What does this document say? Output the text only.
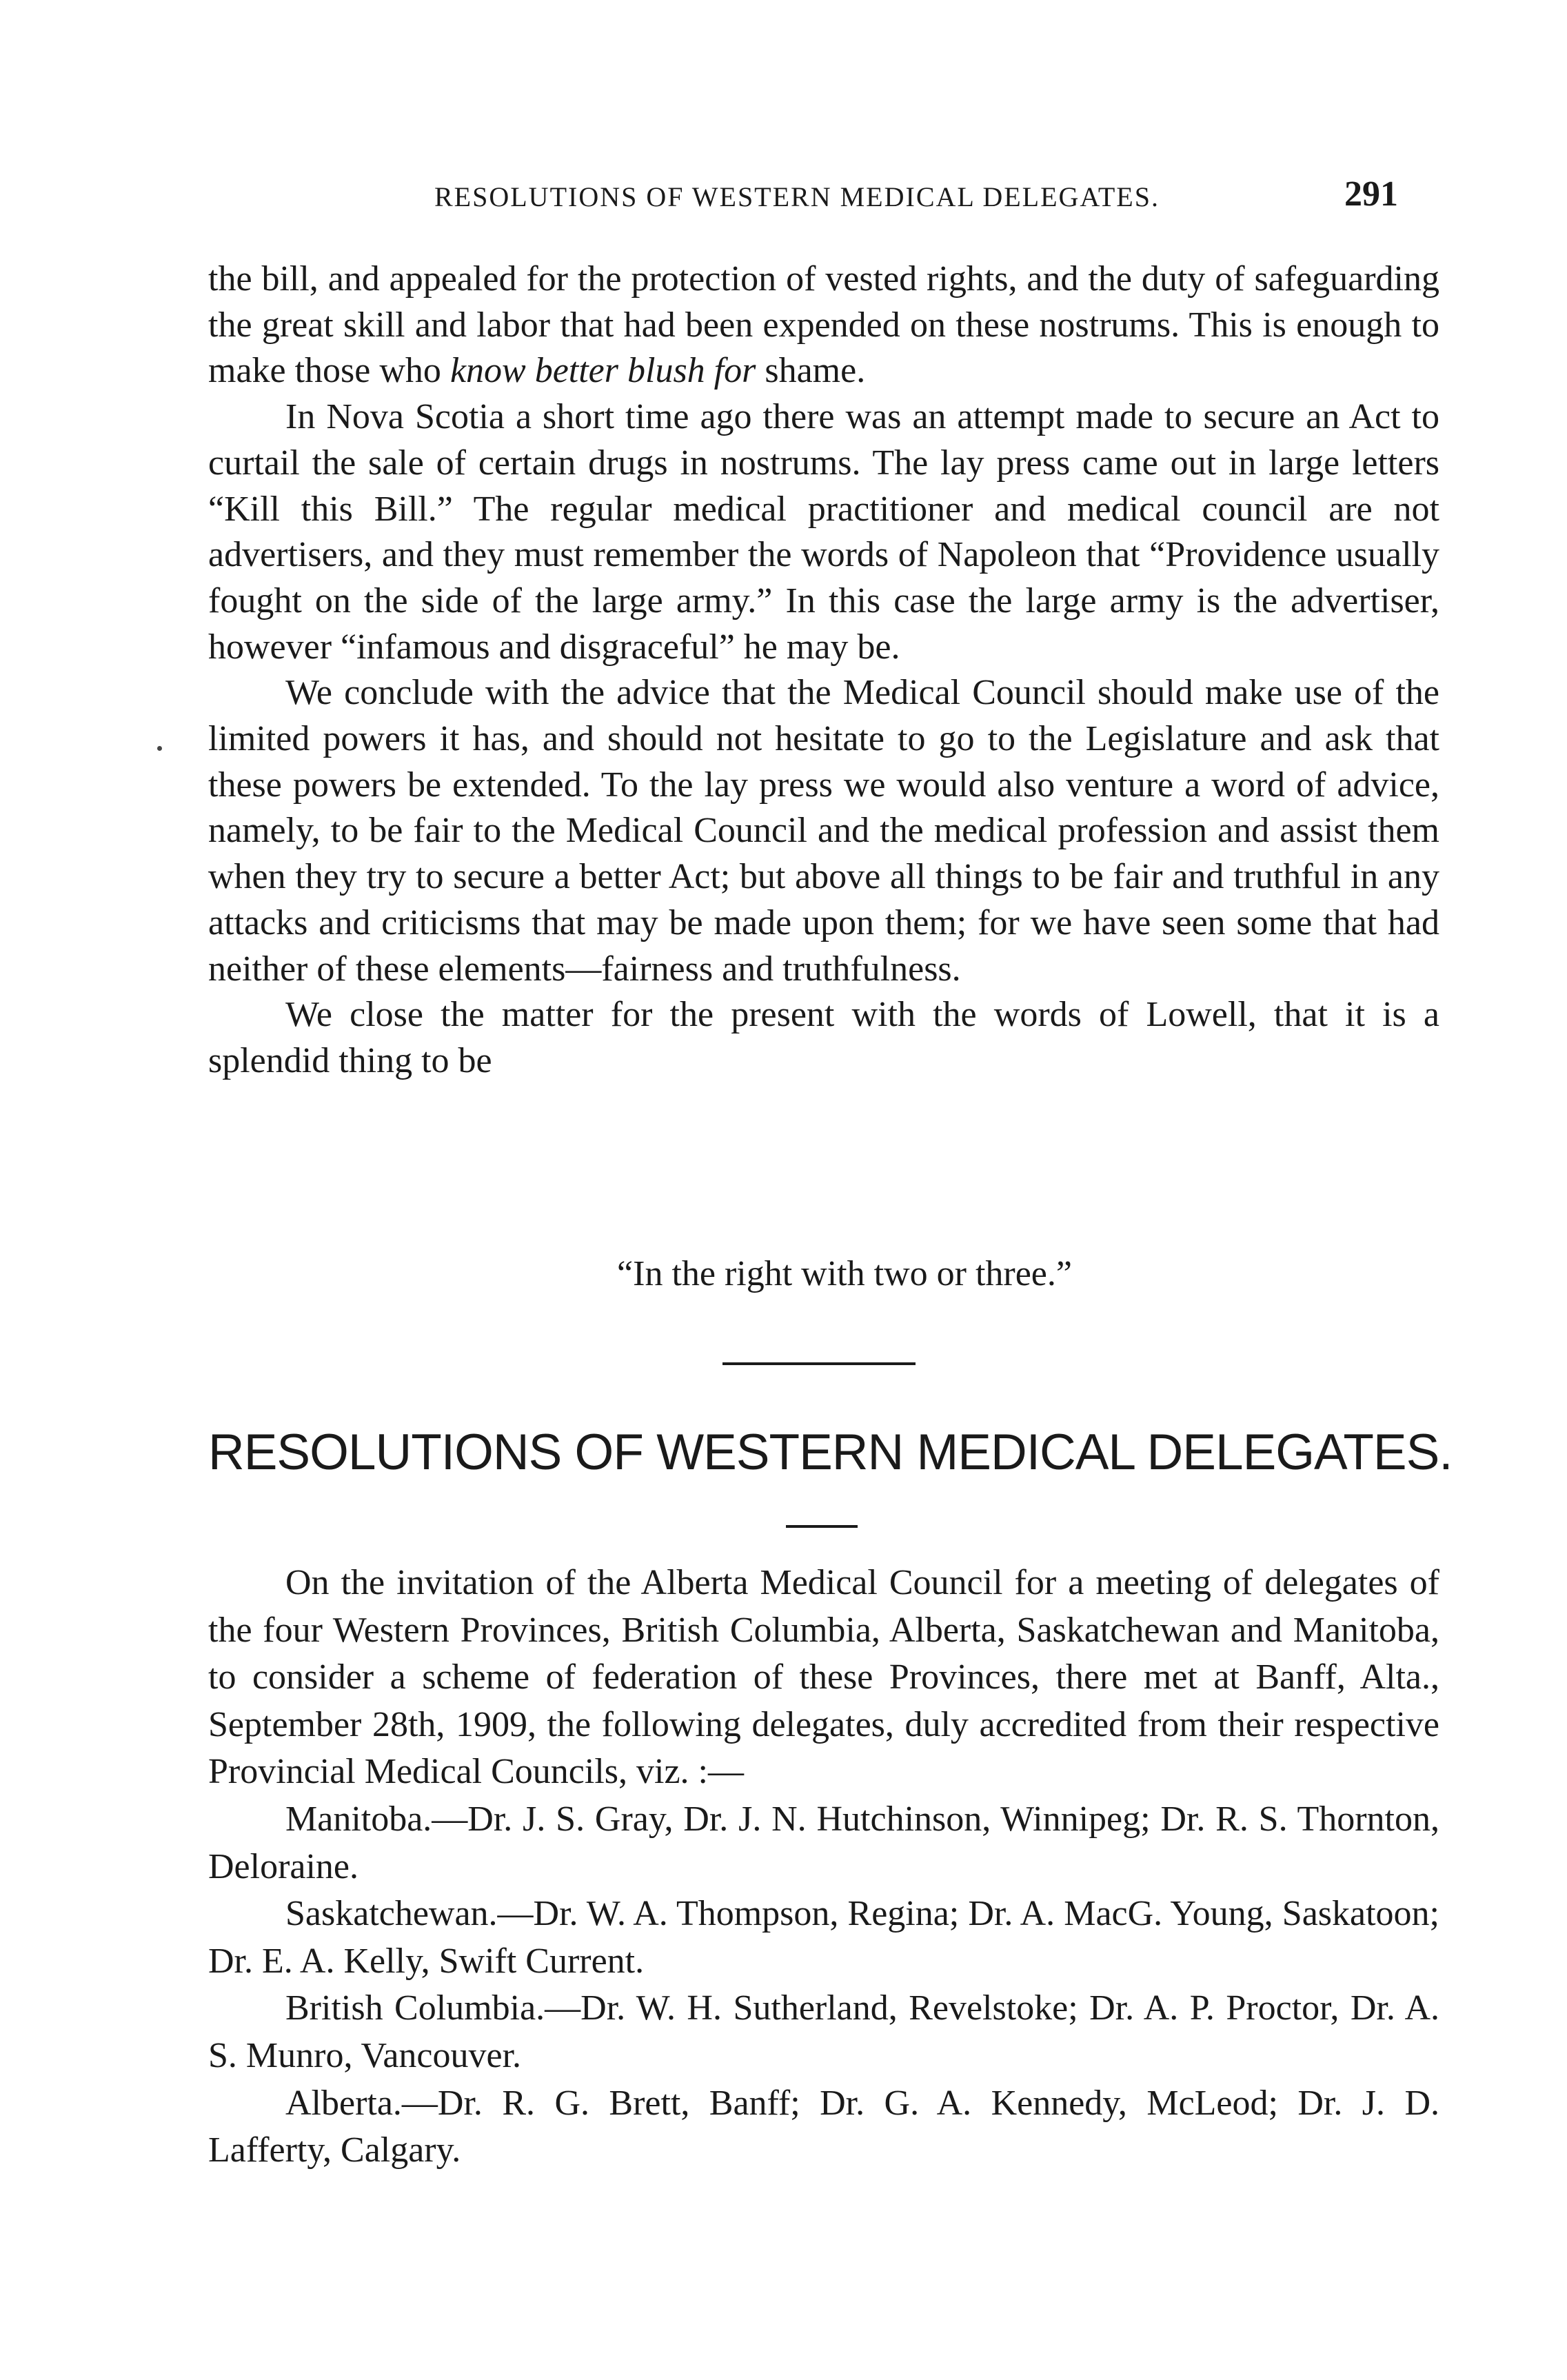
RESOLUTIONS OF WESTERN MEDICAL DELEGATES.	291

the bill, and appealed for the protection of vested rights, and the duty of safeguarding the great skill and labor that had been expended on these nostrums. This is enough to make those who know better blush for shame.

In Nova Scotia a short time ago there was an attempt made to secure an Act to curtail the sale of certain drugs in nostrums. The lay press came out in large letters “Kill this Bill.” The regular medical practitioner and medical council are not advertisers, and they must remember the words of Napoleon that “Providence usually fought on the side of the large army.” In this case the large army is the advertiser, however “infamous and disgraceful” he may be.

We conclude with the advice that the Medical Council should make use of the limited powers it has, and should not hesitate to go to the Legislature and ask that these powers be extended. To the lay press we would also venture a word of advice, namely, to be fair to the Medical Council and the medical profession and assist them when they try to secure a better Act; but above all things to be fair and truthful in any attacks and criticisms that may be made upon them; for we have seen some that had neither of these elements—fairness and truthfulness.

We close the matter for the present with the words of Lowell, that it is a splendid thing to be

“In the right with two or three.”
RESOLUTIONS OF WESTERN MEDICAL DELEGATES.

On the invitation of the Alberta Medical Council for a meeting of delegates of the four Western Provinces, British Columbia, Alberta, Saskatchewan and Manitoba, to consider a scheme of federation of these Provinces, there met at Banff, Alta., September 28th, 1909, the following delegates, duly accredited from their respective Provincial Medical Councils, viz. :—

Manitoba.—Dr. J. S. Gray, Dr. J. N. Hutchinson, Winnipeg; Dr. R. S. Thornton, Deloraine.

Saskatchewan.—Dr. W. A. Thompson, Regina; Dr. A. MacG. Young, Saskatoon; Dr. E. A. Kelly, Swift Current.

British Columbia.—Dr. W. H. Sutherland, Revelstoke; Dr. A. P. Proctor, Dr. A. S. Munro, Vancouver.

Alberta.—Dr. R. G. Brett, Banff; Dr. G. A. Kennedy, McLeod; Dr. J. D. Lafferty, Calgary.
